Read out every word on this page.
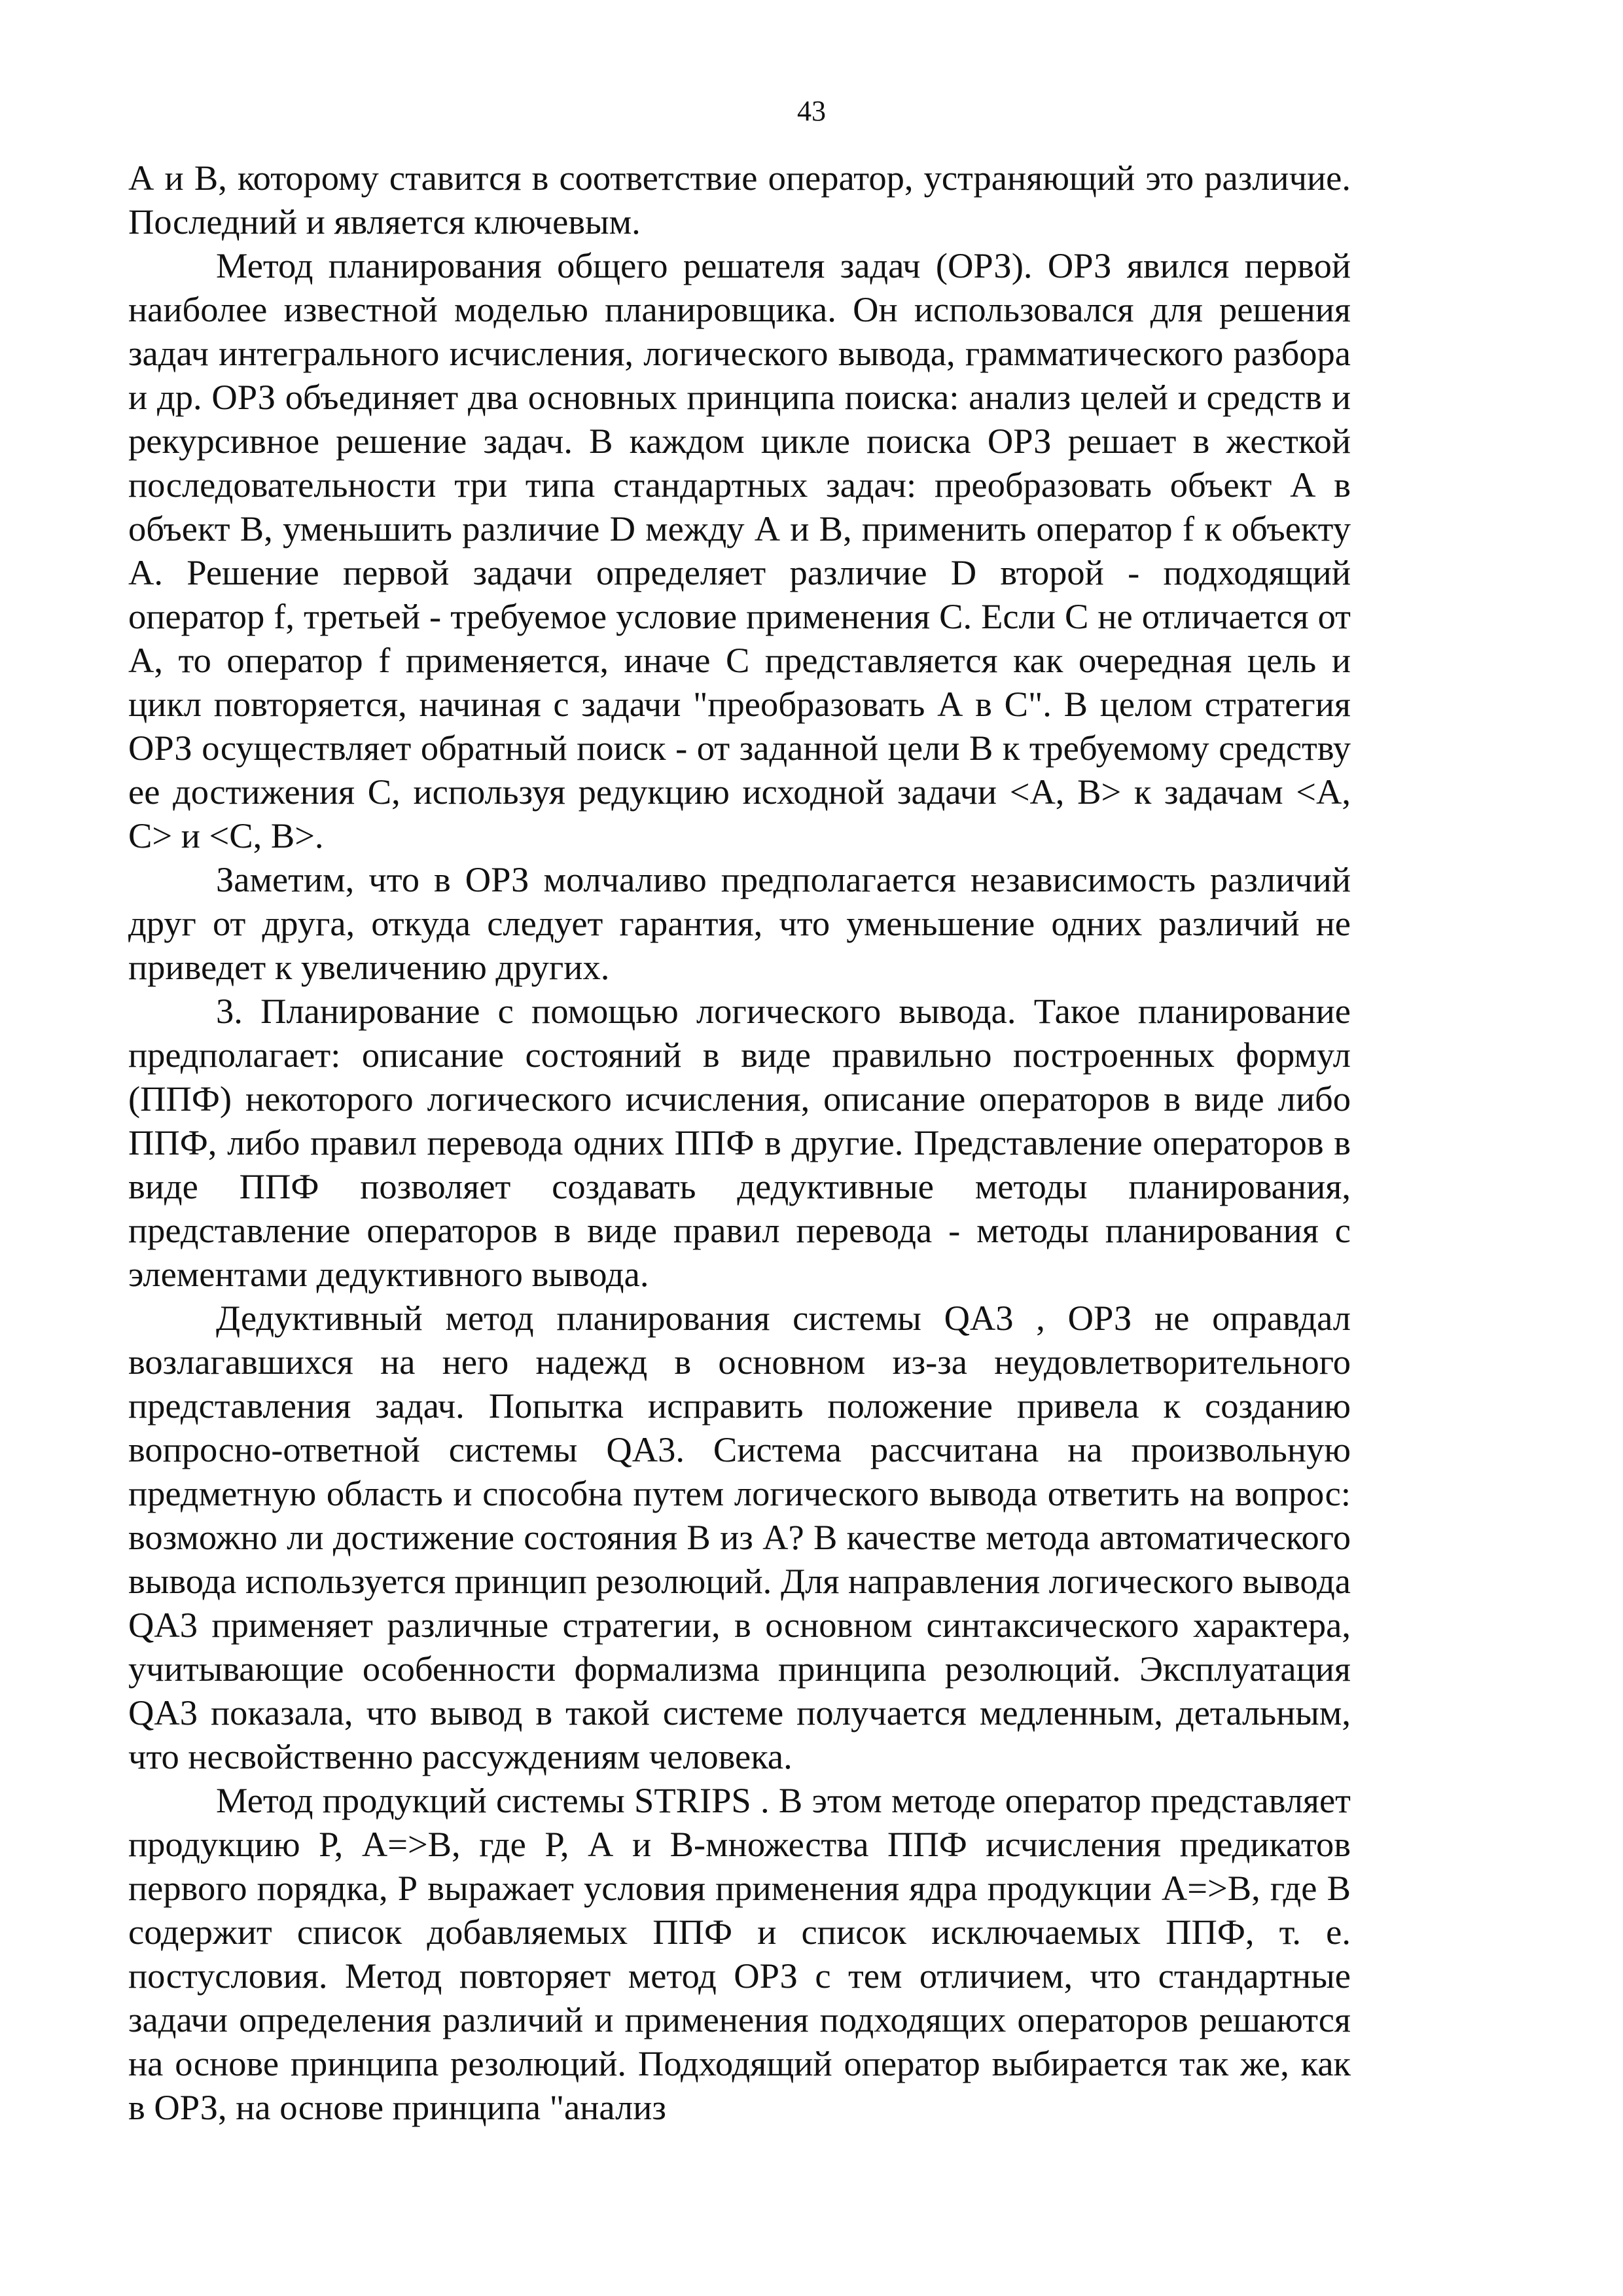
43

А и В, которому ставится в соответствие оператор, устраняющий это различие. Последний и является ключевым.

Метод планирования общего решателя задач (ОРЗ). ОРЗ явился первой наиболее известной моделью планировщика. Он использовался для решения задач интегрального исчисления, логического вывода, грамматического разбора и др. ОРЗ объединяет два основных принципа поиска: анализ целей и средств и рекурсивное решение задач. В каждом цикле поиска ОРЗ решает в жесткой последовательности три типа стандартных задач: преобразовать объект А в объект В, уменьшить различие D между А и В, применить оператор f к объекту А. Решение первой задачи определяет различие D второй - подходящий оператор f, третьей - требуемое условие применения С. Если С не отличается от А, то оператор f применяется, иначе С представляется как очередная цель и цикл повторяется, начиная с задачи "преобразовать А в С". В целом стратегия ОРЗ осуществляет обратный поиск - от заданной цели В к требуемому средству ее достижения С, используя редукцию исходной задачи <А, В> к задачам <А, С> и <С, В>.

Заметим, что в ОРЗ молчаливо предполагается независимость различий друг от друга, откуда следует гарантия, что уменьшение одних различий не приведет к увеличению других.

3. Планирование с помощью логического вывода. Такое планирование предполагает: описание состояний в виде правильно построенных формул (ППФ) некоторого логического исчисления, описание операторов в виде либо ППФ, либо правил перевода одних ППФ в другие. Представление операторов в виде ППФ позволяет создавать дедуктивные методы планирования, представление операторов в виде правил перевода - методы планирования с элементами дедуктивного вывода.

Дедуктивный метод планирования системы QA3 , ОРЗ не оправдал возлагавшихся на него надежд в основном из-за неудовлетворительного представления задач. Попытка исправить положение привела к созданию вопросно-ответной системы QA3. Система рассчитана на произвольную предметную область и способна путем логического вывода ответить на вопрос: возможно ли достижение состояния В из А? В качестве метода автоматического вывода используется принцип резолюций. Для направления логического вывода QA3 применяет различные стратегии, в основном синтаксического характера, учитывающие особенности формализма принципа резолюций. Эксплуатация QA3 показала, что вывод в такой системе получается медленным, детальным, что несвойственно рассуждениям человека.

Метод продукций системы STRIPS . В этом методе оператор представляет продукцию Р, А=>В, где Р, А и В-множества ППФ исчисления предикатов первого порядка, Р выражает условия применения ядра продукции А=>В, где В содержит список добавляемых ППФ и список исключаемых ППФ, т. е. постусловия. Метод повторяет метод ОРЗ с тем отличием, что стандартные задачи определения различий и применения подходящих операторов решаются на основе принципа резолюций. Подходящий оператор выбирается так же, как в ОРЗ, на основе принципа "анализ
